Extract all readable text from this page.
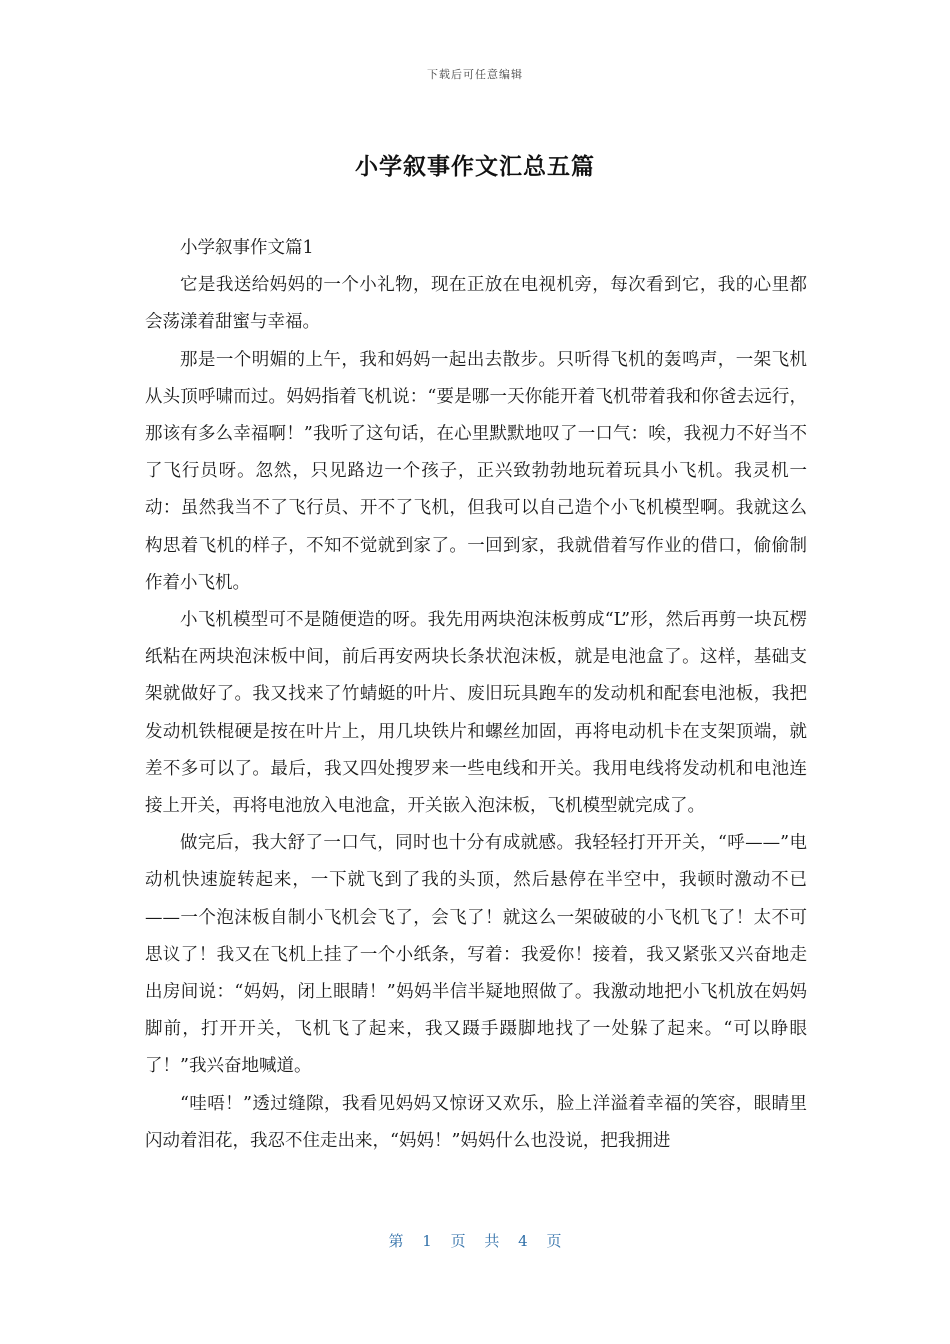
下载后可任意编辑
小学叙事作文汇总五篇

小学叙事作文篇1

它是我送给妈妈的一个小礼物，现在正放在电视机旁，每次看到它，我的心里都会荡漾着甜蜜与幸福。

那是一个明媚的上午，我和妈妈一起出去散步。只听得飞机的轰鸣声，一架飞机从头顶呼啸而过。妈妈指着飞机说：“要是哪一天你能开着飞机带着我和你爸去远行，那该有多么幸福啊！”我听了这句话，在心里默默地叹了一口气：唉，我视力不好当不了飞行员呀。忽然，只见路边一个孩子，正兴致勃勃地玩着玩具小飞机。我灵机一动：虽然我当不了飞行员、开不了飞机，但我可以自己造个小飞机模型啊。我就这么构思着飞机的样子，不知不觉就到家了。一回到家，我就借着写作业的借口，偷偷制作着小飞机。

小飞机模型可不是随便造的呀。我先用两块泡沫板剪成“L”形，然后再剪一块瓦楞纸粘在两块泡沫板中间，前后再安两块长条状泡沫板，就是电池盒了。这样，基础支架就做好了。我又找来了竹蜻蜓的叶片、废旧玩具跑车的发动机和配套电池板，我把发动机铁棍硬是按在叶片上，用几块铁片和螺丝加固，再将电动机卡在支架顶端，就差不多可以了。最后，我又四处搜罗来一些电线和开关。我用电线将发动机和电池连接上开关，再将电池放入电池盒，开关嵌入泡沫板，飞机模型就完成了。

做完后，我大舒了一口气，同时也十分有成就感。我轻轻打开开关，“呼——”电动机快速旋转起来，一下就飞到了我的头顶，然后悬停在半空中，我顿时激动不已——一个泡沫板自制小飞机会飞了，会飞了！就这么一架破破的小飞机飞了！太不可思议了！我又在飞机上挂了一个小纸条，写着：我爱你！接着，我又紧张又兴奋地走出房间说：“妈妈，闭上眼睛！”妈妈半信半疑地照做了。我激动地把小飞机放在妈妈脚前，打开开关，飞机飞了起来，我又蹑手蹑脚地找了一处躲了起来。“可以睁眼了！”我兴奋地喊道。

“哇唔！”透过缝隙，我看见妈妈又惊讶又欢乐，脸上洋溢着幸福的笑容，眼睛里闪动着泪花，我忍不住走出来，“妈妈！”妈妈什么也没说，把我拥进

第 1 页 共 4 页
